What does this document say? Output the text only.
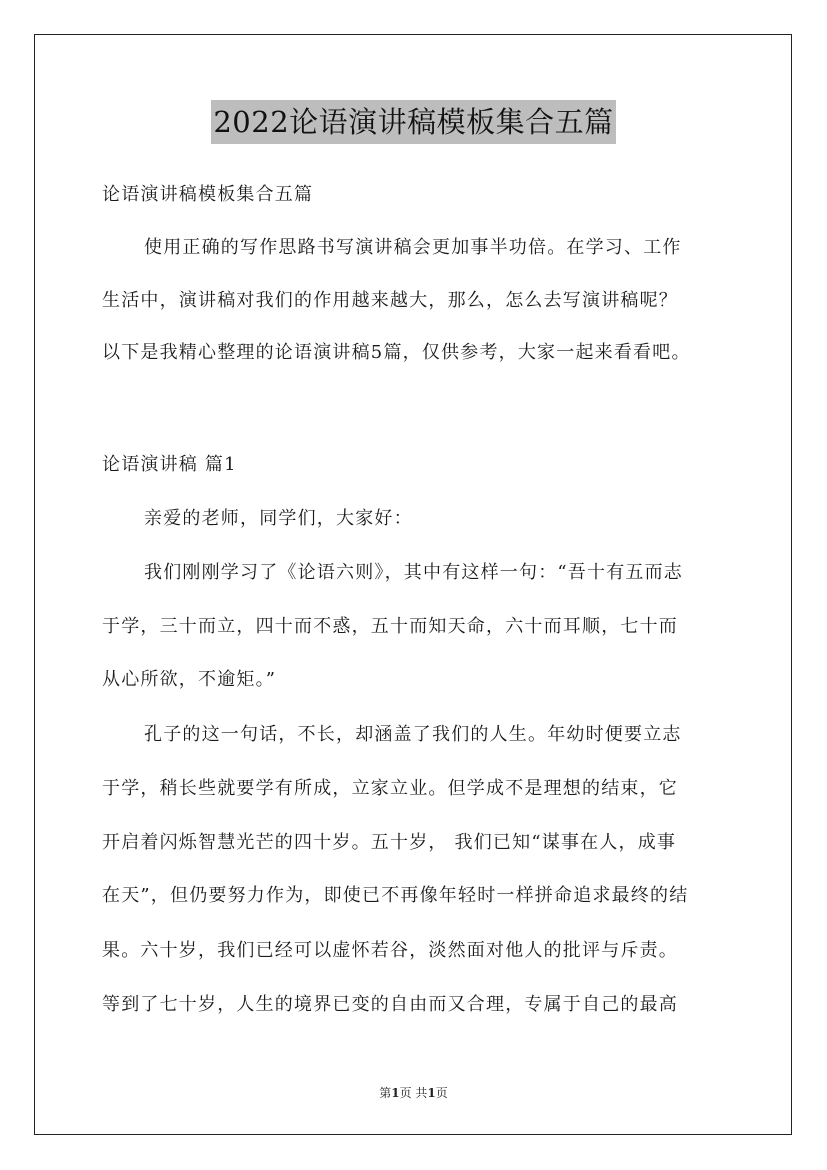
2022论语演讲稿模板集合五篇
论语演讲稿模板集合五篇
使用正确的写作思路书写演讲稿会更加事半功倍。在学习、工作
生活中，演讲稿对我们的作用越来越大，那么，怎么去写演讲稿呢？
以下是我精心整理的论语演讲稿5篇，仅供参考，大家一起来看看吧。
论语演讲稿 篇1
亲爱的老师，同学们，大家好：
我们刚刚学习了《论语六则》，其中有这样一句：“吾十有五而志
于学，三十而立，四十而不惑，五十而知天命，六十而耳顺，七十而
从心所欲，不逾矩。”
孔子的这一句话，不长，却涵盖了我们的人生。年幼时便要立志
于学，稍长些就要学有所成，立家立业。但学成不是理想的结束，它
开启着闪烁智慧光芒的四十岁。五十岁， 我们已知“谋事在人，成事
在天”，但仍要努力作为，即使已不再像年轻时一样拼命追求最终的结
果。六十岁，我们已经可以虚怀若谷，淡然面对他人的批评与斥责。
等到了七十岁，人生的境界已变的自由而又合理，专属于自己的最高
第1页 共1页
